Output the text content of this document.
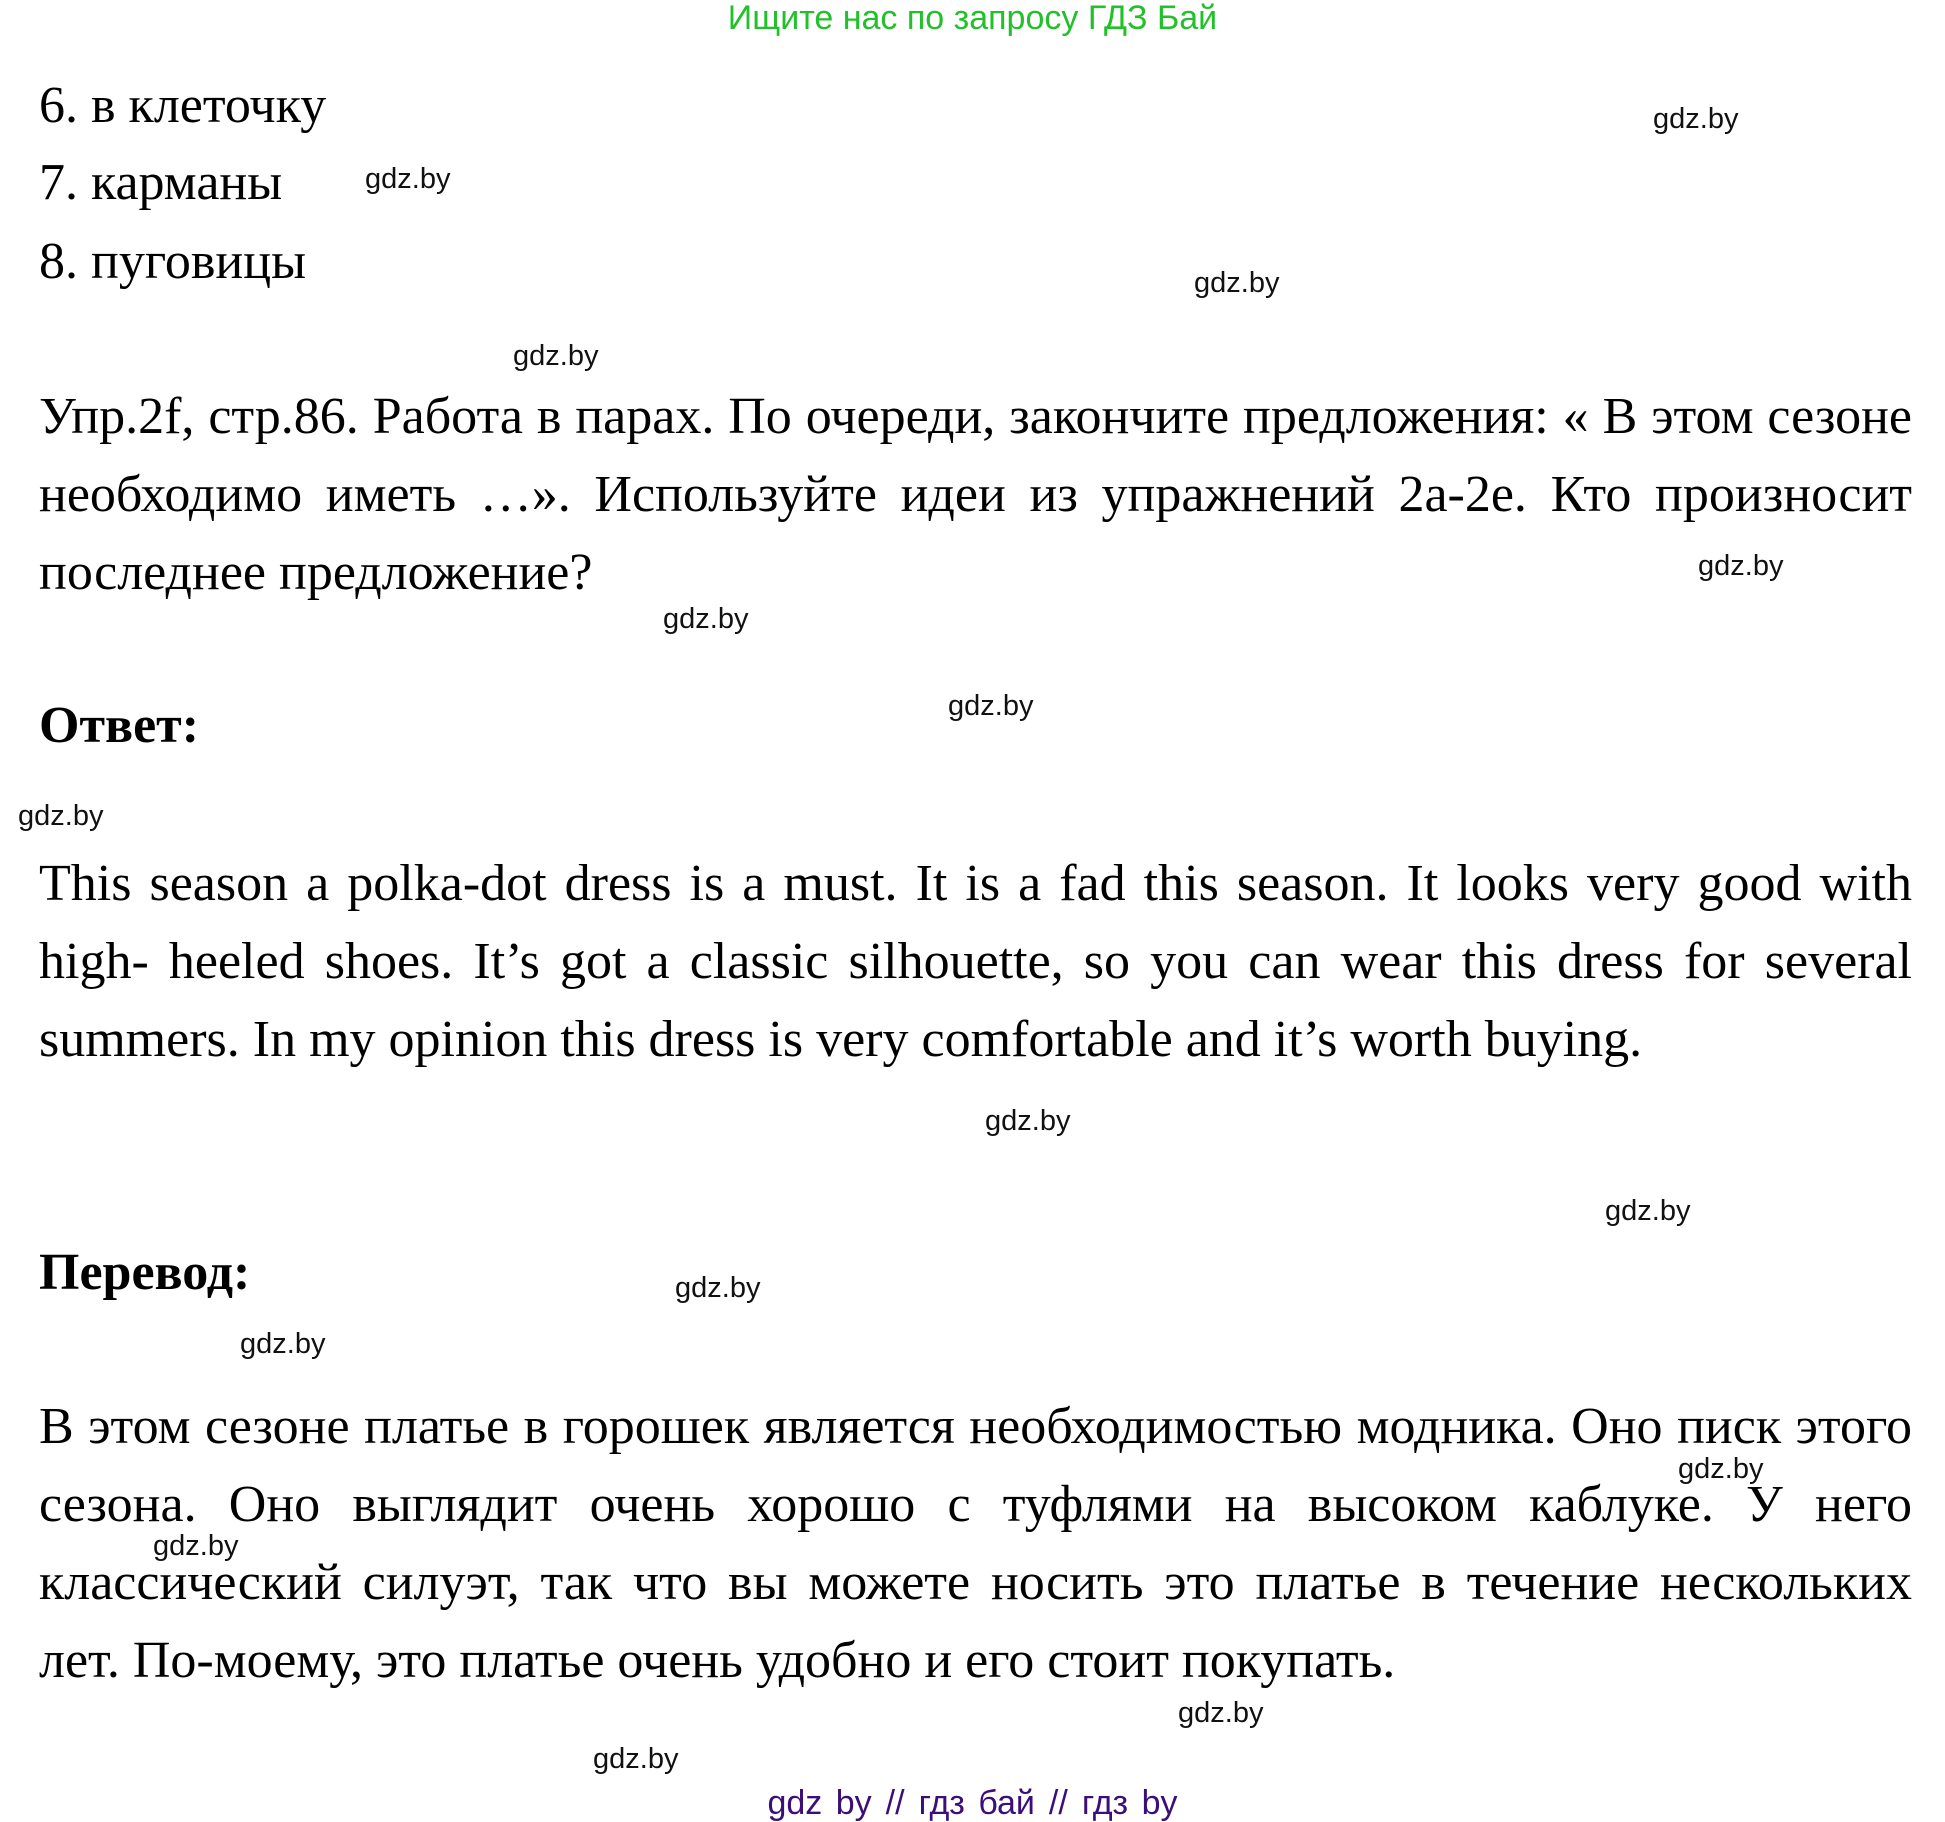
Ищите нас по запросу ГДЗ Бай
6. в клеточку
7. карманы
8. пуговицы
Упр.2f, стр.86. Работа в парах. По очереди, закончите предложения: « В этом сезоне необходимо иметь …». Используйте идеи из упражнений 2a-2e. Кто произносит последнее предложение?
Ответ:
This season a polka-dot dress is a must. It is a fad this season. It looks very good with high- heeled shoes. It’s got a classic silhouette, so you can wear this dress for several summers. In my opinion this dress is very comfortable and it’s worth buying.
Перевод:
В этом сезоне платье в горошек является необходимостью модника. Оно писк этого сезона. Оно выглядит очень хорошо с туфлями на высоком каблуке. У него классический силуэт, так что вы можете носить это платье в течение нескольких лет. По-моему, это платье очень удобно и его стоит покупать.
gdz.by
gdz.by
gdz.by
gdz.by
gdz.by
gdz.by
gdz.by
gdz.by
gdz.by
gdz.by
gdz.by
gdz.by
gdz.by
gdz.by
gdz.by
gdz.by
gdz by // гдз бай // гдз by
